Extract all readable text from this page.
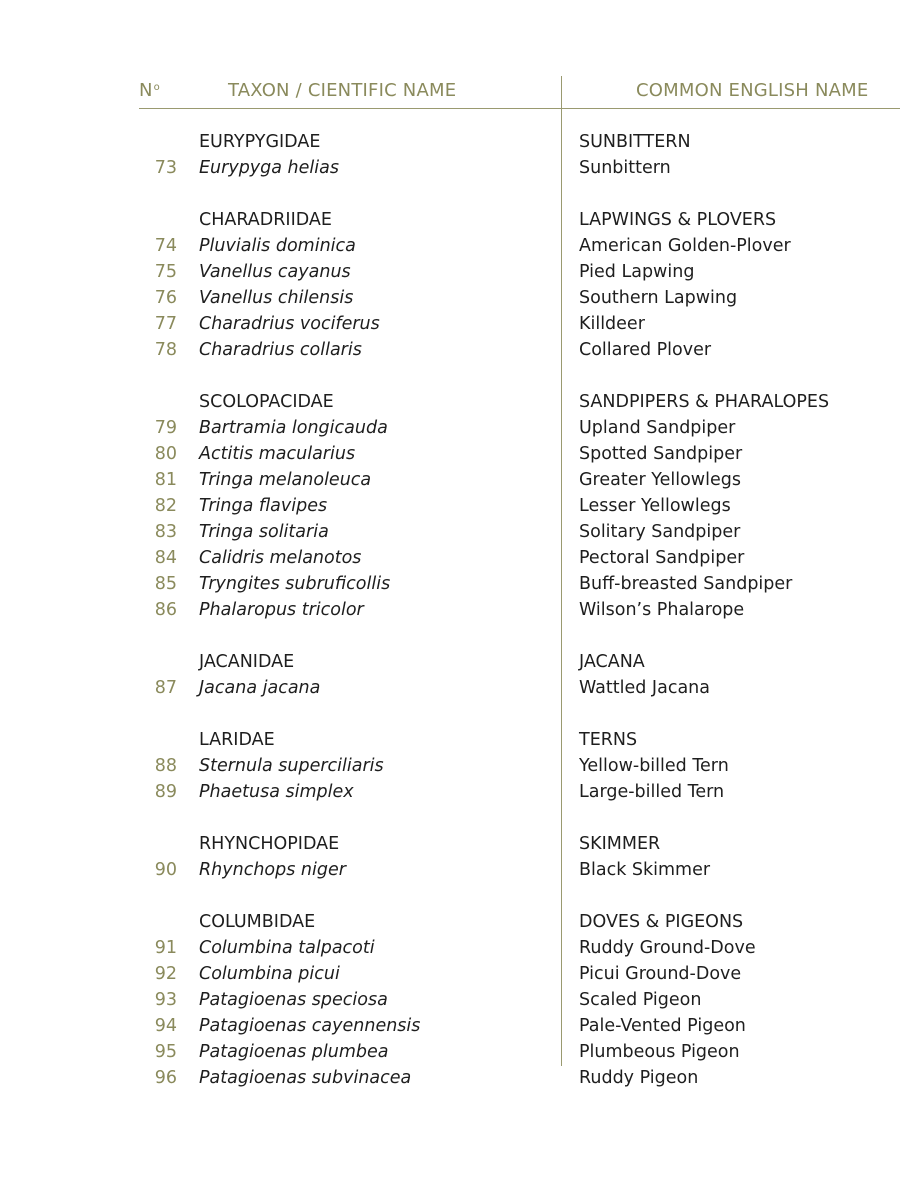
$N^o$	TAXON / CIENTIFIC NAME	COMMON ENGLISH NAME
EURYPYGIDAE	SUNBITTERN
73 Eurypyga helias	Sunbittern
CHARADRIIDAE	LAPWINGS & PLOVERS
74 Pluvialis dominica	American Golden-Plover
75 Vanellus cayanus	Pied Lapwing
76 Vanellus chilensis	Southern Lapwing
77 Charadrius vociferus	Killdeer
78 Charadrius collaris	Collared Plover
SCOLOPACIDAE	SANDPIPERS & PHARALOPES
79 Bartramia longicauda	Upland Sandpiper
80 Actitis macularius	Spotted Sandpiper
81 Tringa melanoleuca	Greater Yellowlegs
82 Tringa flavipes	Lesser Yellowlegs
83 Tringa solitaria	Solitary Sandpiper
84 Calidris melanotos	Pectoral Sandpiper
85 Tryngites subruficollis	Buff-breasted Sandpiper
86 Phalaropus tricolor	Wilson’s Phalarope
JACANIDAE	JACANA
87 Jacana jacana	Wattled Jacana
LARIDAE	TERNS
88 Sternula superciliaris	Yellow-billed Tern
89 Phaetusa simplex	Large-billed Tern
RHYNCHOPIDAE	SKIMMER
90 Rhynchops niger	Black Skimmer
COLUMBIDAE	DOVES & PIGEONS
91 Columbina talpacoti	Ruddy Ground-Dove
92 Columbina picui	Picui Ground-Dove
93 Patagioenas speciosa	Scaled Pigeon
94 Patagioenas cayennensis	Pale-Vented Pigeon
95 Patagioenas plumbea	Plumbeous Pigeon
96 Patagioenas subvinacea	Ruddy Pigeon
